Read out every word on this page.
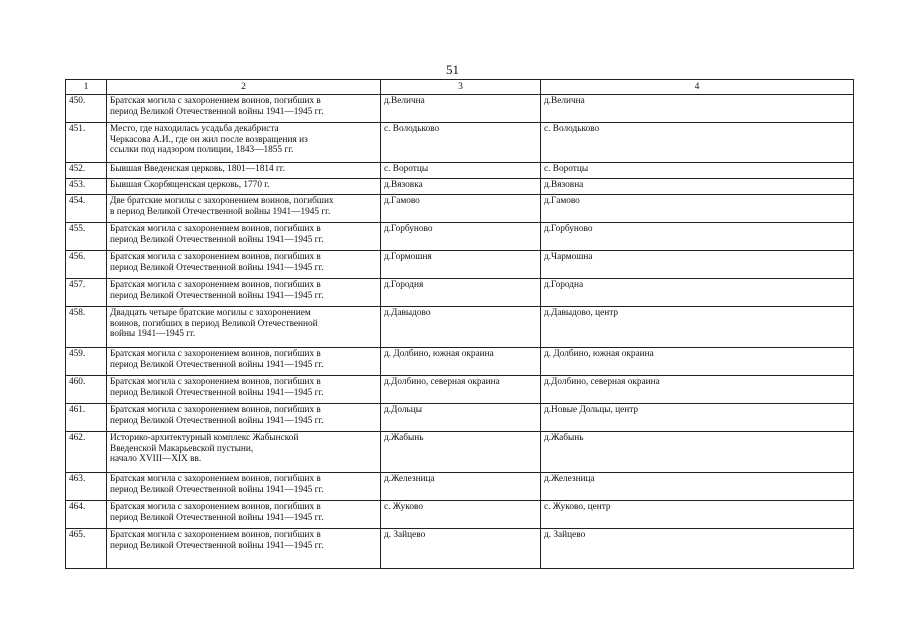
51
1	2	3	4
450.	Братская могила с захоронением воинов, погибших в
период Великой Отечественной войны 1941—1945 гг.	д.Велична	д.Велична
451.	Место, где находилась усадьба декабриста
Черкасова А.И., где он жил после возвращения из
ссылки под надзором полиции, 1843—1855 гг.	с. Володьково	с. Володьково
452.	Бывшая Введенская церковь, 1801—1814 гг.	с. Воротцы	с. Воротцы
453.	Бывшая Скорбященская церковь, 1770 г.	д.Вязовка	д.Вязовна
454.	Две братские могилы с захоронением воинов, погибших
в период Великой Отечественной войны 1941—1945 гг.	д.Гамово	д.Гамово
455.	Братская могила с захоронением воинов, погибших в
период Великой Отечественной войны 1941—1945 гг.	д.Горбуново	д.Горбуново
456.	Братская могила с захоронением воинов, погибших в
период Великой Отечественной войны 1941—1945 гг.	д.Гормошня	д.Чармошна
457.	Братская могила с захоронением воинов, погибших в
период Великой Отечественной войны 1941—1945 гг.	д.Городня	д.Городна
458.	Двадцать четыре братские могилы с захоронением
воинов, погибших в период Великой Отечественной
войны 1941—1945 гг.	д.Давыдово	д.Давыдово, центр
459.	Братская могила с захоронением воинов, погибших в
период Великой Отечественной войны 1941—1945 гг.	д. Долбино, южная окраина	д. Долбино, южная окраина
460.	Братская могила с захоронением воинов, погибших в
период Великой Отечественной войны 1941—1945 гг.	д.Долбино, северная окраина	д.Долбино, северная окраина
461.	Братская могила с захоронением воинов, погибших в
период Великой Отечественной войны 1941—1945 гг.	д.Дольцы	д.Новые Дольцы, центр
462.	Историко-архитектурный комплекс Жабынской
Введенской Макарьевской пустыни,
начало XVIII—XIX вв.	д.Жабынь	д.Жабынь
463.	Братская могила с захоронением воинов, погибших в
период Великой Отечественной войны 1941—1945 гг.	д.Железница	д.Железница
464.	Братская могила с захоронением воинов, погибших в
период Великой Отечественной войны 1941—1945 гг.	с. Жуково	с. Жуково, центр
465.	Братская могила с захоронением воинов, погибших в
период Великой Отечественной войны 1941—1945 гг.	д. Зайцево	д. Зайцево
